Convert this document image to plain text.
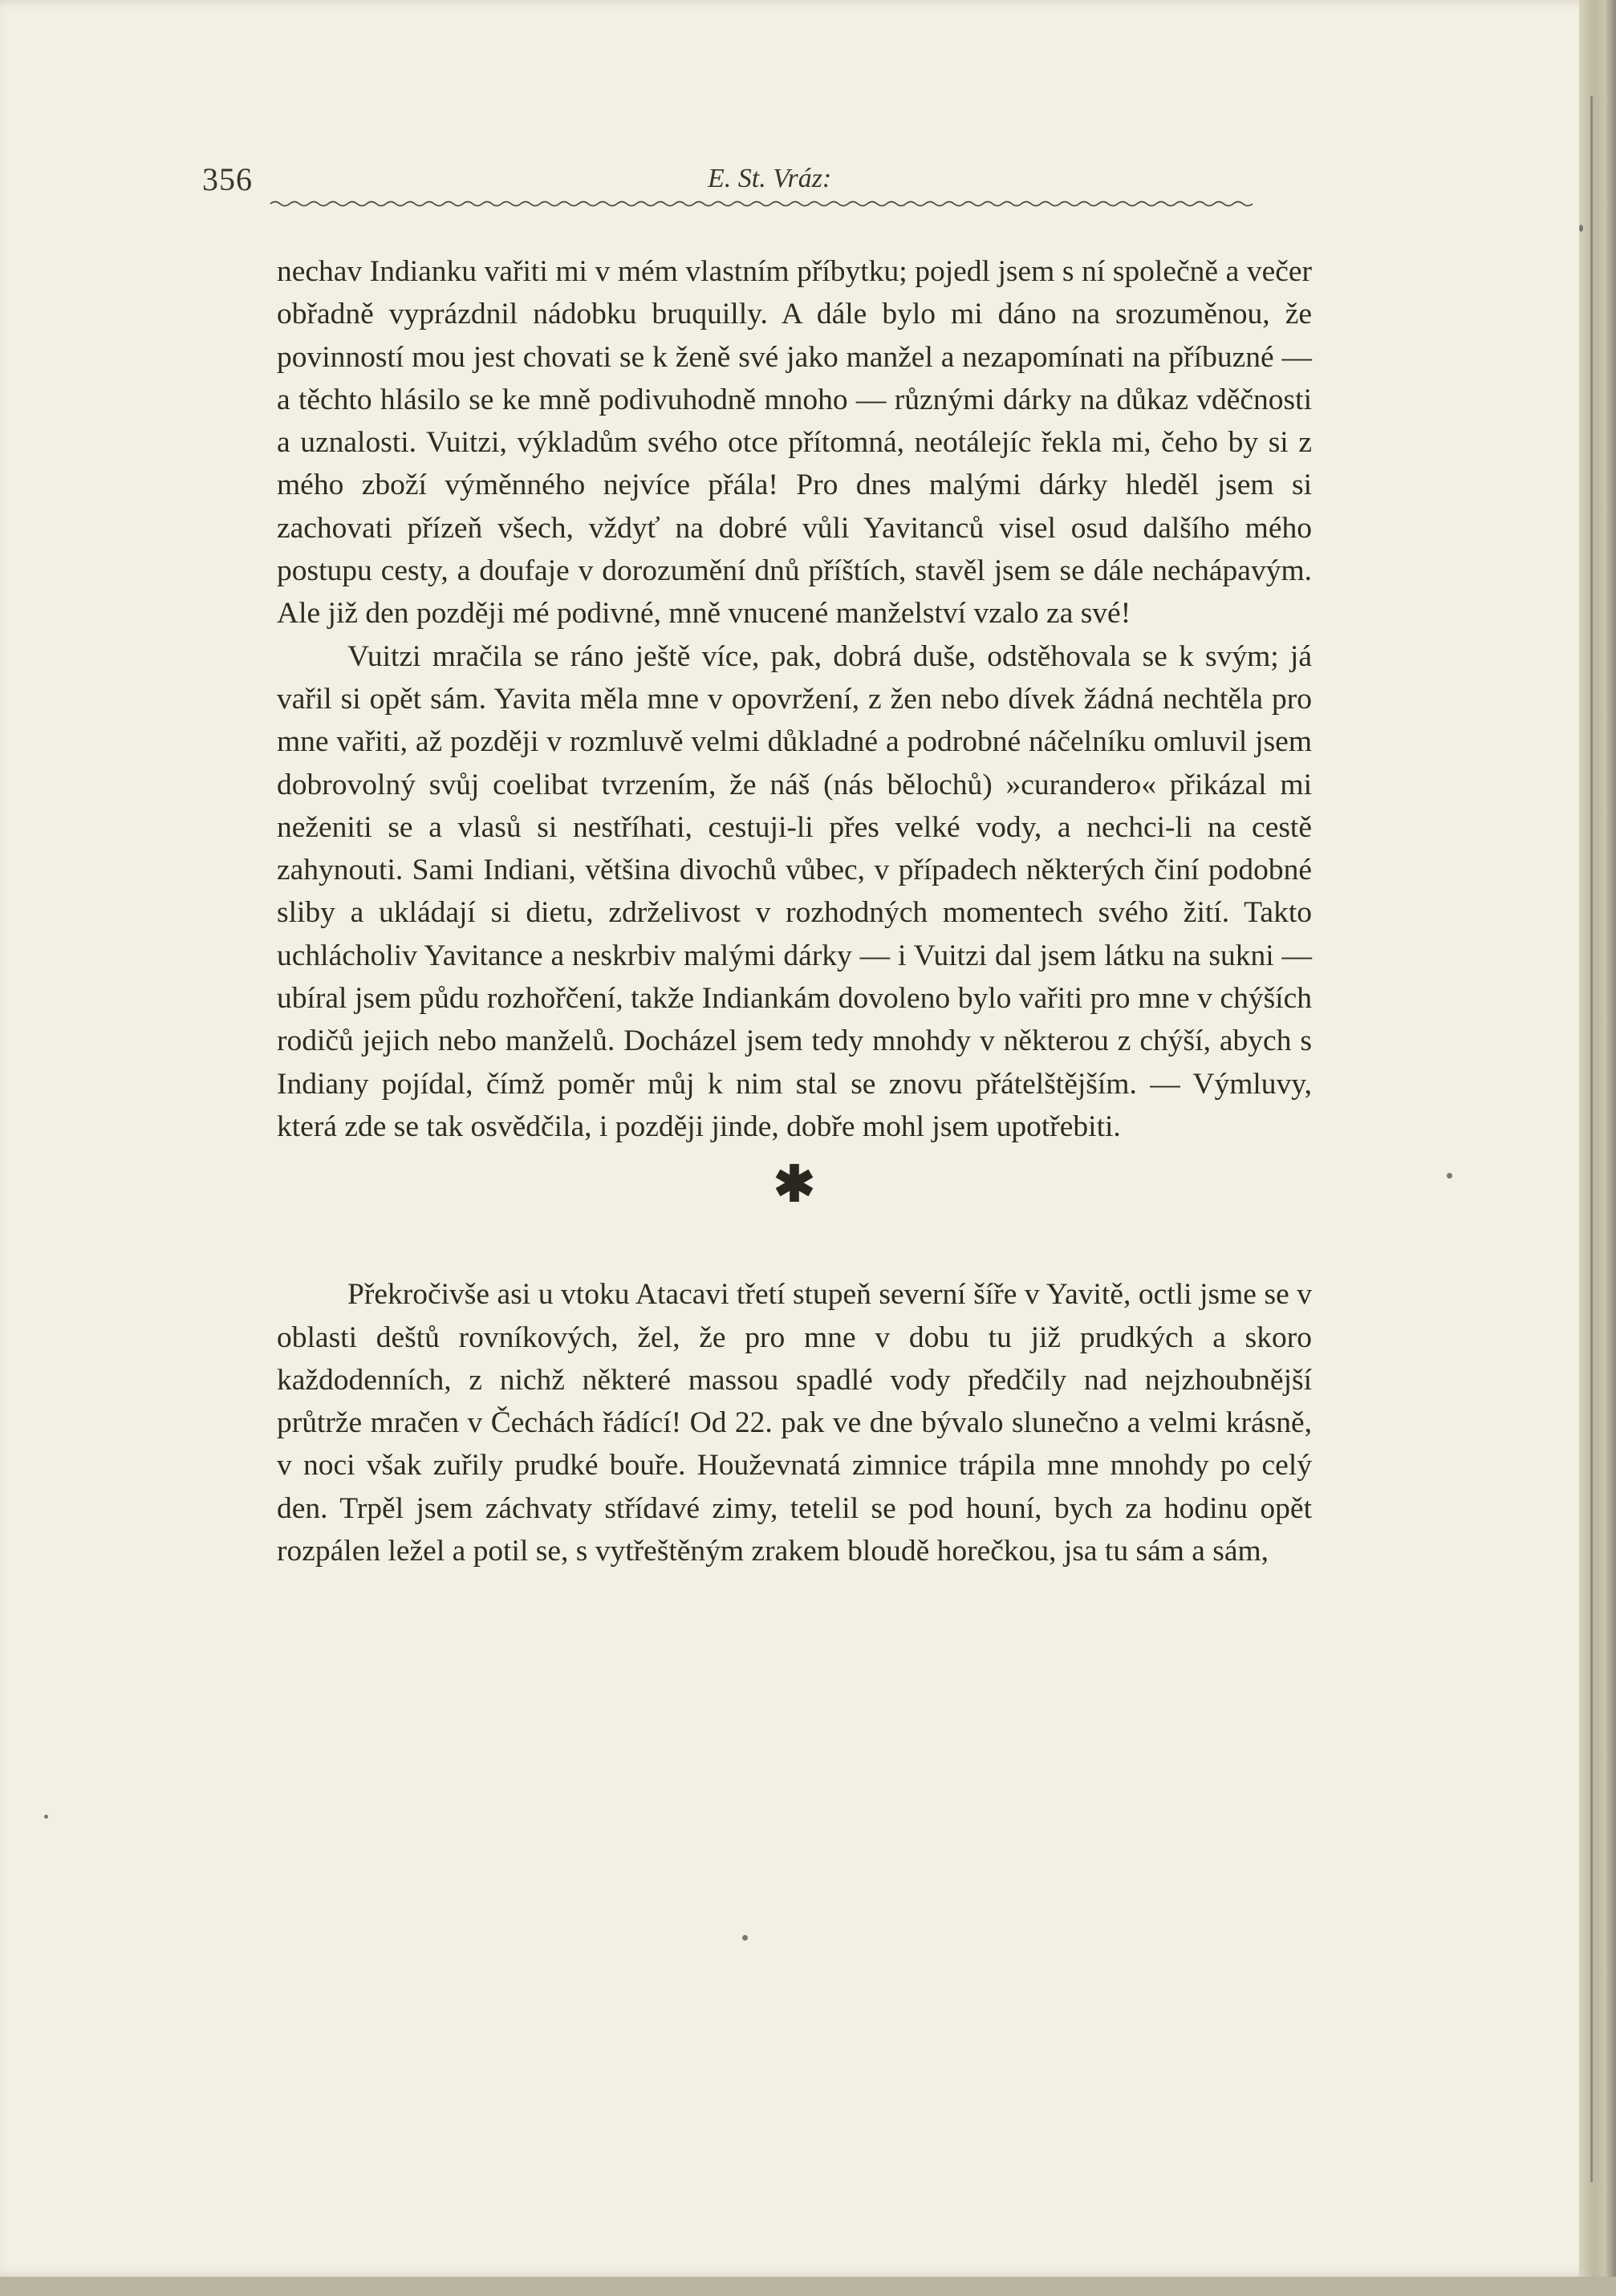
356	E. St. Vráz:

nechav Indianku vařiti mi v mém vlastním příbytku; pojedl jsem s ní společně a večer obřadně vyprázdnil nádobku bruquilly. A dále bylo mi dáno na srozuměnou, že povinností mou jest chovati se k ženě své jako manžel a nezapomínati na příbuzné — a těchto hlásilo se ke mně podivuhodně mnoho — různými dárky na důkaz vděčnosti a uznalosti. Vuitzi, výkladům svého otce přítomná, neotálejíc řekla mi, čeho by si z mého zboží výměnného nejvíce přála! Pro dnes malými dárky hleděl jsem si zachovati přízeň všech, vždyť na dobré vůli Yavitanců visel osud dalšího mého postupu cesty, a doufaje v dorozumění dnů příštích, stavěl jsem se dále nechápavým. Ale již den později mé podivné, mně vnucené manželství vzalo za své!

Vuitzi mračila se ráno ještě více, pak, dobrá duše, odstěhovala se k svým; já vařil si opět sám. Yavita měla mne v opovržení, z žen nebo dívek žádná nechtěla pro mne vařiti, až později v rozmluvě velmi důkladné a podrobné náčelníku omluvil jsem dobrovolný svůj coelibat tvrzením, že náš (nás bělochů) »curandero« přikázal mi neženiti se a vlasů si nestříhati, cestuji-li přes velké vody, a nechci-li na cestě zahynouti. Sami Indiani, většina divochů vůbec, v případech některých činí podobné sliby a ukládají si dietu, zdrželivost v rozhodných momentech svého žití. Takto uchlácholiv Yavitance a neskrbiv malými dárky — i Vuitzi dal jsem látku na sukni — ubíral jsem půdu rozhořčení, takže Indiankám dovoleno bylo vařiti pro mne v chýších rodičů jejich nebo manželů. Docházel jsem tedy mnohdy v některou z chýší, abych s Indiany pojídal, čímž poměr můj k nim stal se znovu přátelštějším. — Výmluvy, která zde se tak osvědčila, i později jinde, dobře mohl jsem upotřebiti.

✱

Překročivše asi u vtoku Atacavi třetí stupeň severní šíře v Yavitě, octli jsme se v oblasti deštů rovníkových, žel, že pro mne v dobu tu již prudkých a skoro každodenních, z nichž některé massou spadlé vody předčily nad nejzhoubnější průtrže mračen v Čechách řádící! Od 22. pak ve dne bývalo slunečno a velmi krásně, v noci však zuřily prudké bouře. Houževnatá zimnice trápila mne mnohdy po celý den. Trpěl jsem záchvaty střídavé zimy, tetelil se pod houní, bych za hodinu opět rozpálen ležel a potil se, s vytřeštěným zrakem bloudě horečkou, jsa tu sám a sám,
